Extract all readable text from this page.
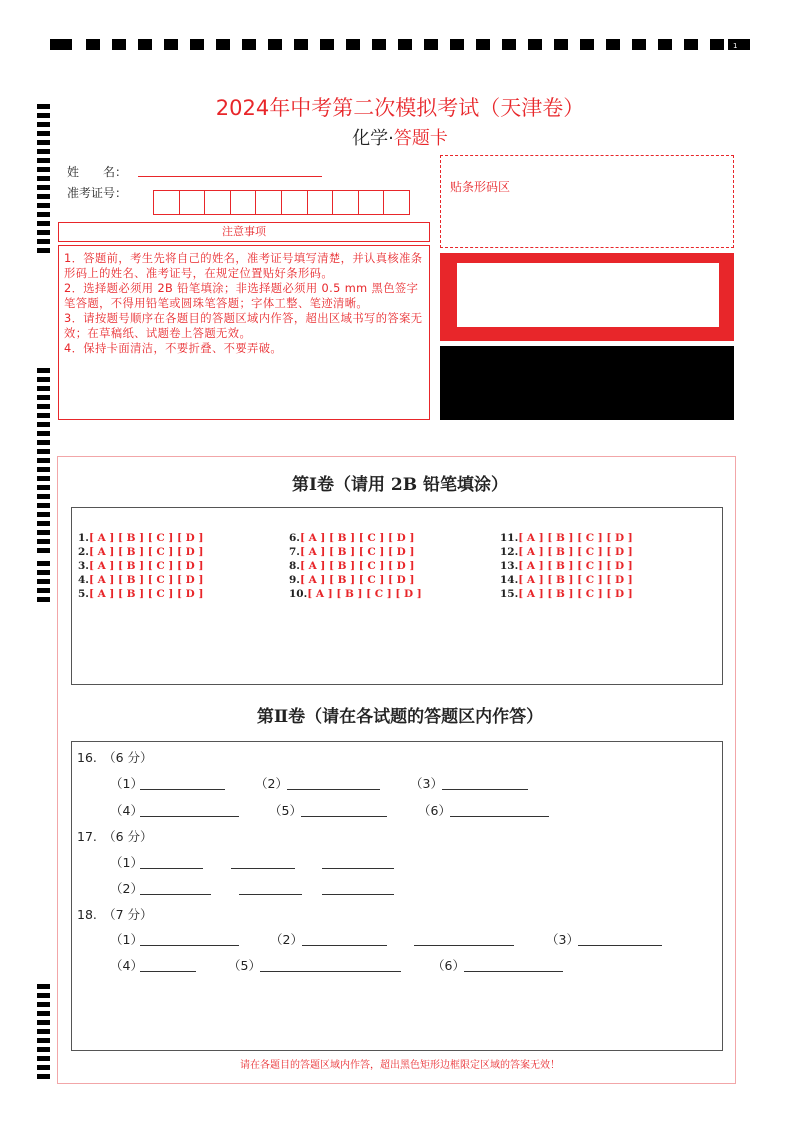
1
2024年中考第二次模拟考试（天津卷）
化学·答题卡
姓　　名：
准考证号：
注意事项

1．答题前，考生先将自己的姓名，准考证号填写清楚，并认真核准条形码上的姓名、准考证号，在规定位置贴好条形码。

2．选择题必须用 2B 铅笔填涂；非选择题必须用 0.5 mm 黑色签字笔答题，不得用铅笔或圆珠笔答题；字体工整、笔迹清晰。

3．请按题号顺序在各题目的答题区域内作答，超出区域书写的答案无效；在草稿纸、试题卷上答题无效。

4．保持卡面清洁，不要折叠、不要弄破。

贴条形码区
第Ⅰ卷（请用 2B 铅笔填涂）
1.[ A ] [ B ] [ C ] [ D ]
2.[ A ] [ B ] [ C ] [ D ]
3.[ A ] [ B ] [ C ] [ D ]
4.[ A ] [ B ] [ C ] [ D ]
5.[ A ] [ B ] [ C ] [ D ]
6.[ A ] [ B ] [ C ] [ D ]
7.[ A ] [ B ] [ C ] [ D ]
8.[ A ] [ B ] [ C ] [ D ]
9.[ A ] [ B ] [ C ] [ D ]
10.[ A ] [ B ] [ C ] [ D ]
11.[ A ] [ B ] [ C ] [ D ]
12.[ A ] [ B ] [ C ] [ D ]
13.[ A ] [ B ] [ C ] [ D ]
14.[ A ] [ B ] [ C ] [ D ]
15.[ A ] [ B ] [ C ] [ D ]
第Ⅱ卷（请在各试题的答题区内作答）
16.　（6 分）
（1）	（2）	（3）
（4）	（5）	（6）
17.　（6 分）
（1）
（2）
18.　（7 分）
（1）	（2）	（3）
（4）	（5）	（6）
请在各题目的答题区域内作答，超出黑色矩形边框限定区域的答案无效！
